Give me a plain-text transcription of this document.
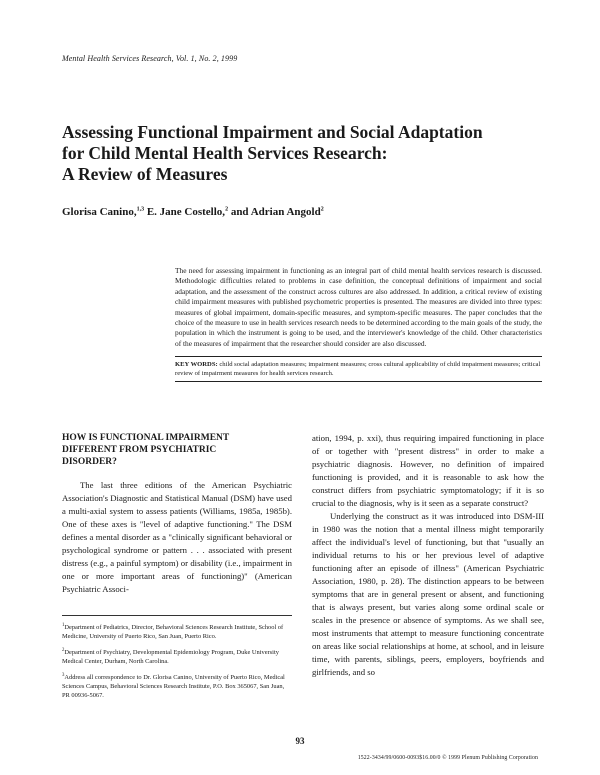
Mental Health Services Research, Vol. 1, No. 2, 1999
Assessing Functional Impairment and Social Adaptation
for Child Mental Health Services Research:
A Review of Measures
Glorisa Canino,$^{1,3}$ E. Jane Costello,$^2$ and Adrian Angold$^2$

The need for assessing impairment in functioning as an integral part of child mental health services research is discussed. Methodologic difficulties related to problems in case definition, the conceptual definitions of impairment and social adaptation, and the assessment of the construct across cultures are also addressed. In addition, a critical review of existing child impairment measures with published psychometric properties is presented. The measures are divided into three types: measures of global impairment, domain-specific measures, and symptom-specific measures. The paper concludes that the choice of the measure to use in health services research needs to be determined according to the main goals of the study, the population in which the instrument is going to be used, and the interviewer's knowledge of the child. Other characteristics of the measures of impairment that the researcher should consider are also discussed.

KEY WORDS: child social adaptation measures; impairment measures; cross cultural applicability of child impairment measures; critical review of impairment measures for health services research.
HOW IS FUNCTIONAL IMPAIRMENT
DIFFERENT FROM PSYCHIATRIC
DISORDER?

The last three editions of the American Psychiatric Association's Diagnostic and Statistical Manual (DSM) have used a multi-axial system to assess patients (Williams, 1985a, 1985b). One of these axes is "level of adaptive functioning." The DSM defines a mental disorder as a "clinically significant behavioral or psychological syndrome or pattern . . . associated with present distress (e.g., a painful symptom) or disability (i.e., impairment in one or more important areas of functioning)" (American Psychiatric Associ-

ation, 1994, p. xxi), thus requiring impaired functioning in place of or together with "present distress" in order to make a psychiatric diagnosis. However, no definition of impaired functioning is provided, and it is reasonable to ask how the construct differs from psychiatric symptomatology; if it is so crucial to the diagnosis, why is it seen as a separate construct?

Underlying the construct as it was introduced into DSM-III in 1980 was the notion that a mental illness might temporarily affect the individual's level of functioning, but that "usually an individual returns to his or her previous level of adaptive functioning after an episode of illness" (American Psychiatric Association, 1980, p. 28). The distinction appears to be between symptoms that are in general present or absent, and functioning that is always present, but varies along some ordinal scale or scales in the presence or absence of symptoms. As we shall see, most instruments that attempt to measure functioning concentrate on areas like social relationships at home, at school, and in leisure time, with parents, siblings, peers, employers, boyfriends and girlfriends, and so

$^1$Department of Pediatrics, Director, Behavioral Sciences Research Institute, School of Medicine, University of Puerto Rico, San Juan, Puerto Rico.

$^2$Department of Psychiatry, Developmental Epidemiology Program, Duke University Medical Center, Durham, North Carolina.

$^3$Address all correspondence to Dr. Glorisa Canino, University of Puerto Rico, Medical Sciences Campus, Behavioral Sciences Research Institute, P.O. Box 365067, San Juan, PR 00936-5067.

93
1522-3434/99/0600-0093$16.00/0 © 1999 Plenum Publishing Corporation
